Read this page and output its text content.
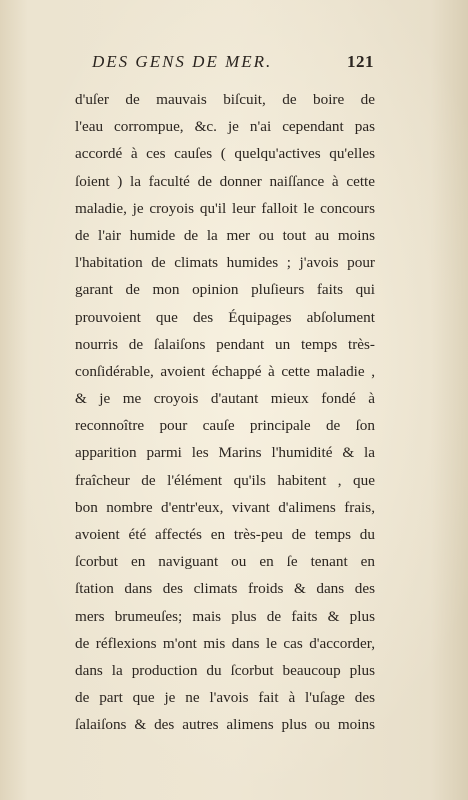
DES GENS DE MER.	121
d'uſer de mauvais biſcuit, de boire de
l'eau corrompue, &c. je n'ai cependant pas
accordé à ces cauſes ( quelqu'actives qu'elles
ſoient ) la faculté de donner naiſſance à cette
maladie, je croyois qu'il leur falloit le concours
de l'air humide de la mer ou tout au moins
l'habitation de climats humides ; j'avois pour
garant de mon opinion pluſieurs faits qui
prouvoient que des Équipages abſolument
nourris de ſalaiſons pendant un temps très-
conſidérable, avoient échappé à cette maladie ,
& je me croyois d'autant mieux fondé à
reconnoître pour cauſe principale de ſon
apparition parmi les Marins l'humidité & la
fraîcheur de l'élément qu'ils habitent , que
bon nombre d'entr'eux, vivant d'alimens frais,
avoient été affectés en très-peu de temps du
ſcorbut en naviguant ou en ſe tenant en
ſtation dans des climats froids & dans des
mers brumeuſes; mais plus de faits & plus
de réflexions m'ont mis dans le cas d'accorder,
dans la production du ſcorbut beaucoup plus
de part que je ne l'avois fait à l'uſage des
ſalaiſons & des autres alimens plus ou moins
